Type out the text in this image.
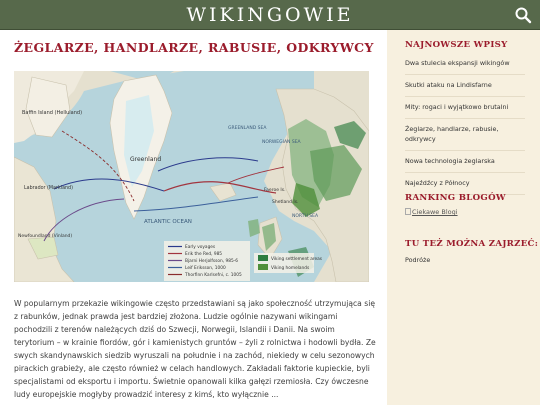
WIKINGOWIE
ŻEGLARZE, HANDLARZE, RABUSIE, ODKRYWCY
Baffin Island (Helluland)
Greenland
GREENLAND SEA
NORWEGIAN SEA
Labrador (Markland)
ATLANTIC OCEAN
Newfoundland (Vinland)
Faeroe Is.
Shetland Is.
NORTH SEA
Early voyages
Erik the Red, 985
Bjarni Herjolfsson, 985-6
Leif Eriksson, 1000
Thorfinn Karlsefni, c. 1005
Viking settlement areas
Viking homelands

W popularnym przekazie wikingowie często przedstawiani są jako społeczność utrzymująca się z rabunków, jednak prawda jest bardziej złożona. Ludzie ogólnie nazywani wikingami pochodzili z terenów należących dziś do Szwecji, Norwegii, Islandii i Danii. Na swoim terytorium – w krainie fiordów, gór i kamienistych gruntów – żyli z rolnictwa i hodowli bydła. Ze swych skandynawskich siedzib wyruszali na południe i na zachód, niekiedy w celu sezonowych pirackich grabieży, ale często również w celach handlowych. Zakładali faktorie kupieckie, byli specjalistami od eksportu i importu. Świetnie opanowali kilka gałęzi rzemiosła. Czy ówczesne ludy europejskie mogłyby prowadzić interesy z kimś, kto wyłącznie ...

NAJNOWSZE WPISY
Dwa stulecia ekspansji wikingów
Skutki ataku na Lindisfarne
Mity: rogaci i wyjątkowo brutalni
Żeglarze, handlarze, rabusie, odkrywcy
Nowa technologia żeglarska
Najeźdźcy z Północy
RANKING BLOGÓW
Ciekawe Blogi
TU TEŻ MOŻNA ZAJRZEĆ:
Podróże
